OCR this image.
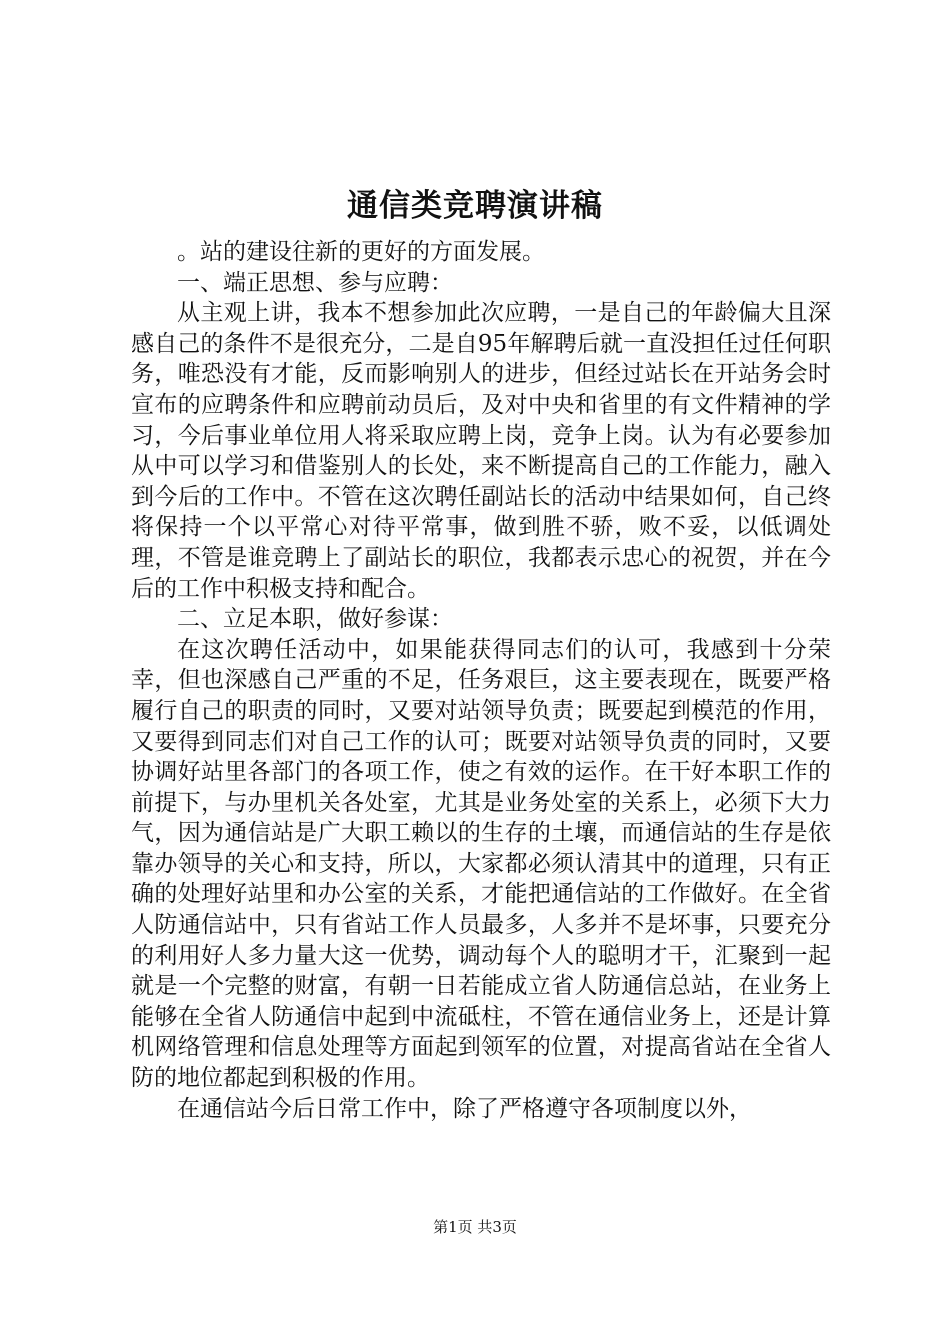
通信类竞聘演讲稿

。站的建设往新的更好的方面发展。

一、端正思想、参与应聘：

从主观上讲，我本不想参加此次应聘，一是自己的年龄偏大且深感自己的条件不是很充分，二是自95年解聘后就一直没担任过任何职务，唯恐没有才能，反而影响别人的进步，但经过站长在开站务会时宣布的应聘条件和应聘前动员后，及对中央和省里的有文件精神的学习，今后事业单位用人将采取应聘上岗，竞争上岗。认为有必要参加从中可以学习和借鉴别人的长处，来不断提高自己的工作能力，融入到今后的工作中。不管在这次聘任副站长的活动中结果如何，自己终将保持一个以平常心对待平常事，做到胜不骄，败不妥，以低调处理，不管是谁竞聘上了副站长的职位，我都表示忠心的祝贺，并在今后的工作中积极支持和配合。

二、立足本职，做好参谋：

在这次聘任活动中，如果能获得同志们的认可，我感到十分荣幸，但也深感自己严重的不足，任务艰巨，这主要表现在，既要严格履行自己的职责的同时，又要对站领导负责；既要起到模范的作用，又要得到同志们对自己工作的认可；既要对站领导负责的同时，又要协调好站里各部门的各项工作，使之有效的运作。在干好本职工作的前提下，与办里机关各处室，尤其是业务处室的关系上，必须下大力气，因为通信站是广大职工赖以的生存的土壤，而通信站的生存是依靠办领导的关心和支持，所以，大家都必须认清其中的道理，只有正确的处理好站里和办公室的关系，才能把通信站的工作做好。在全省人防通信站中，只有省站工作人员最多，人多并不是坏事，只要充分的利用好人多力量大这一优势，调动每个人的聪明才干，汇聚到一起就是一个完整的财富，有朝一日若能成立省人防通信总站，在业务上能够在全省人防通信中起到中流砥柱，不管在通信业务上，还是计算机网络管理和信息处理等方面起到领军的位置，对提高省站在全省人防的地位都起到积极的作用。

在通信站今后日常工作中，除了严格遵守各项制度以外，

第1页 共3页
